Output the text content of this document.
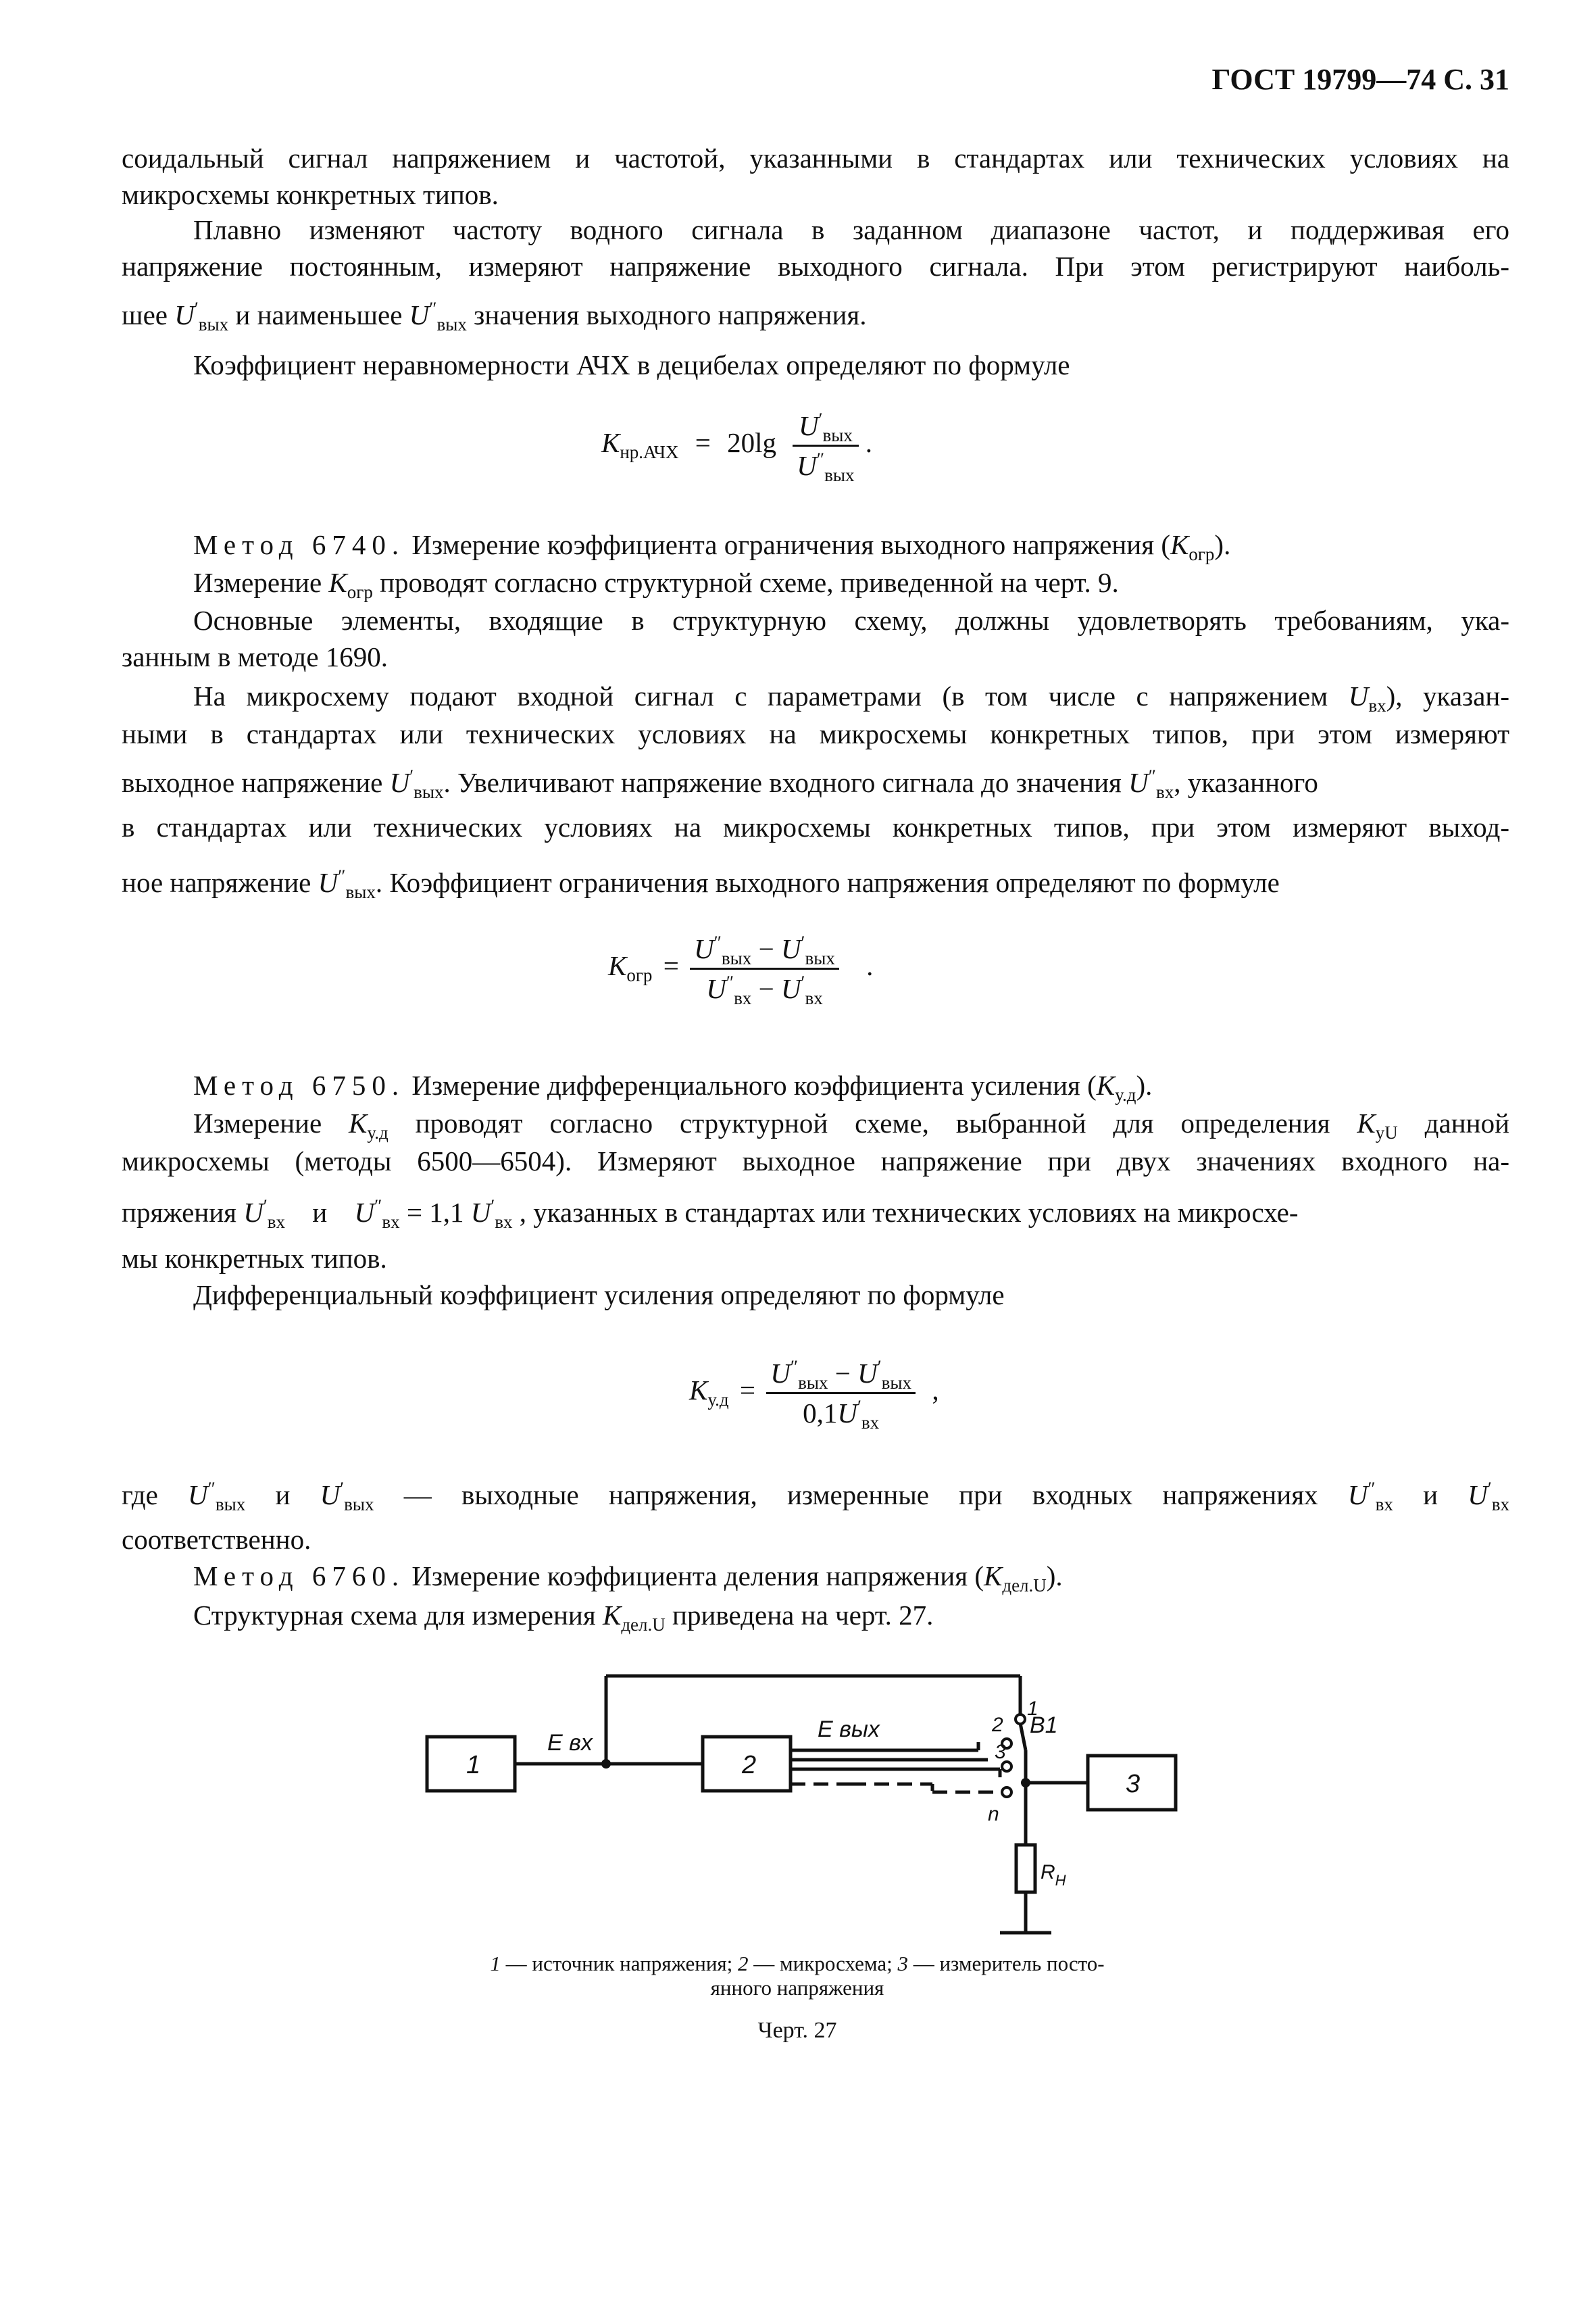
ГОСТ 19799—74 С. 31
соидальный сигнал напряжением и частотой, указанными в стандартах или технических условиях на
микросхемы конкретных типов.
Плавно изменяют частоту водного сигнала в заданном диапазоне частот, и поддерживая его
напряжение постоянным, измеряют напряжение выходного сигнала. При этом регистрируют наиболь-
шее $U'_{вых}$ и наименьшее $U''_{вых}$ значения выходного напряжения.
Коэффициент неравномерности АЧХ в децибелах определяют по формуле
$K_{нр.АЧХ} = 20\lg \frac{U'_{вых}}{U''_{вых}}$ .
Метод 6740. Измерение коэффициента ограничения выходного напряжения $(K_{огр})$.
Измерение $K_{огр}$ проводят согласно структурной схеме, приведенной на черт. 9.
Основные элементы, входящие в структурную схему, должны удовлетворять требованиям, ука-
занным в методе 1690.
На микросхему подают входной сигнал с параметрами (в том числе с напряжением $U_{вх}$), указан-
ными в стандартах или технических условиях на микросхемы конкретных типов, при этом измеряют
выходное напряжение $U'_{вых}$. Увеличивают напряжение входного сигнала до значения $U''_{вх}$, указанного
в стандартах или технических условиях на микросхемы конкретных типов, при этом измеряют выход-
ное напряжение $U''_{вых}$. Коэффициент ограничения выходного напряжения определяют по формуле
$K_{огр} = \frac{U''_{вых} - U'_{вых}}{U''_{вх} - U'_{вх}}$ .
Метод 6750. Измерение дифференциального коэффициента усиления $(K_{у.д})$.
Измерение $K_{у.д}$ проводят согласно структурной схеме, выбранной для определения $K_{уU}$ данной
микросхемы (методы 6500—6504). Измеряют выходное напряжение при двух значениях входного на-
пряжения $U'_{вх}$ и $U''_{вх} = 1,1$ $U'_{вх}$ , указанных в стандартах или технических условиях на микросхе-
мы конкретных типов.
Дифференциальный коэффициент усиления определяют по формуле
$K_{у.д} = \frac{U''_{вых} - U'_{вых}}{0,1U'_{вх}}$ ,
где $U''_{вых}$ и $U'_{вых}$ — выходные напряжения, измеренные при входных напряжениях $U''_{вх}$ и $U'_{вх}$
соответственно.
Метод 6760. Измерение коэффициента деления напряжения $(K_{дел.U})$.
Структурная схема для измерения $K_{дел.U}$ приведена на черт. 27.
1	2
3
E вх
E вых	В1
1
2
3
n
$R_Н$
1 — источник напряжения; 2 — микросхема; 3 — измеритель посто-
янного напряжения
Черт. 27
